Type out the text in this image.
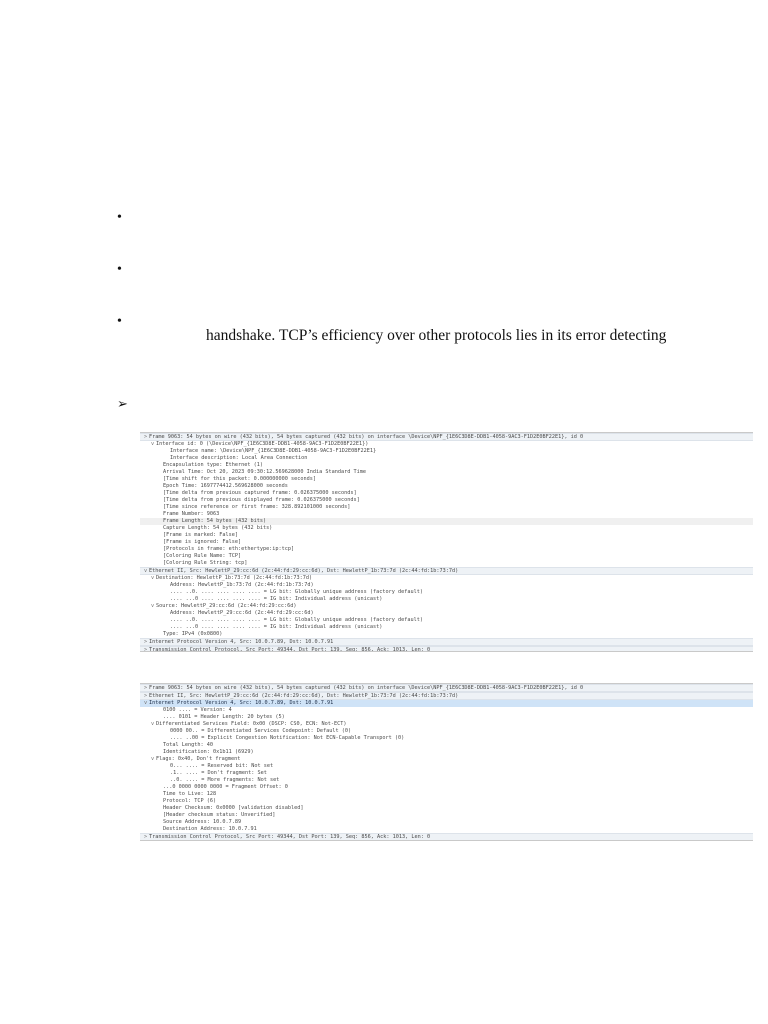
•
•
•
handshake. TCP’s efficiency over other protocols lies in its error detecting
➢
> Frame 9063: 54 bytes on wire (432 bits), 54 bytes captured (432 bits) on interface \Device\NPF_{1E6C3D8E-DDB1-4058-9AC3-F1D2E0BF22E1}, id 0
v Interface id: 0 (\Device\NPF_{1E6C3D8E-DDB1-4058-9AC3-F1D2E0BF22E1})
Interface name: \Device\NPF_{1E6C3D8E-DDB1-4058-9AC3-F1D2E0BF22E1}
Interface description: Local Area Connection
Encapsulation type: Ethernet (1)
Arrival Time: Oct 20, 2023 09:30:12.569628000 India Standard Time
[Time shift for this packet: 0.000000000 seconds]
Epoch Time: 1697774412.569628000 seconds
[Time delta from previous captured frame: 0.026375000 seconds]
[Time delta from previous displayed frame: 0.026375000 seconds]
[Time since reference or first frame: 328.892101000 seconds]
Frame Number: 9063
Frame Length: 54 bytes (432 bits)
Capture Length: 54 bytes (432 bits)
[Frame is marked: False]
[Frame is ignored: False]
[Protocols in frame: eth:ethertype:ip:tcp]
[Coloring Rule Name: TCP]
[Coloring Rule String: tcp]
v Ethernet II, Src: HewlettP_29:cc:6d (2c:44:fd:29:cc:6d), Dst: HewlettP_1b:73:7d (2c:44:fd:1b:73:7d)
v Destination: HewlettP_1b:73:7d (2c:44:fd:1b:73:7d)
Address: HewlettP_1b:73:7d (2c:44:fd:1b:73:7d)
.... ..0. .... .... .... .... = LG bit: Globally unique address (factory default)
.... ...0 .... .... .... .... = IG bit: Individual address (unicast)
v Source: HewlettP_29:cc:6d (2c:44:fd:29:cc:6d)
Address: HewlettP_29:cc:6d (2c:44:fd:29:cc:6d)
.... ..0. .... .... .... .... = LG bit: Globally unique address (factory default)
.... ...0 .... .... .... .... = IG bit: Individual address (unicast)
Type: IPv4 (0x0800)
> Internet Protocol Version 4, Src: 10.0.7.89, Dst: 10.0.7.91
> Transmission Control Protocol, Src Port: 49344, Dst Port: 139, Seq: 856, Ack: 1013, Len: 0
> Frame 9063: 54 bytes on wire (432 bits), 54 bytes captured (432 bits) on interface \Device\NPF_{1E6C3D8E-DDB1-4058-9AC3-F1D2E0BF22E1}, id 0
> Ethernet II, Src: HewlettP_29:cc:6d (2c:44:fd:29:cc:6d), Dst: HewlettP_1b:73:7d (2c:44:fd:1b:73:7d)
v Internet Protocol Version 4, Src: 10.0.7.89, Dst: 10.0.7.91
0100 .... = Version: 4
.... 0101 = Header Length: 20 bytes (5)
v Differentiated Services Field: 0x00 (DSCP: CS0, ECN: Not-ECT)
0000 00.. = Differentiated Services Codepoint: Default (0)
.... ..00 = Explicit Congestion Notification: Not ECN-Capable Transport (0)
Total Length: 40
Identification: 0x1b11 (6929)
v Flags: 0x40, Don't fragment
0... .... = Reserved bit: Not set
.1.. .... = Don't fragment: Set
..0. .... = More fragments: Not set
...0 0000 0000 0000 = Fragment Offset: 0
Time to Live: 128
Protocol: TCP (6)
Header Checksum: 0x0000 [validation disabled]
[Header checksum status: Unverified]
Source Address: 10.0.7.89
Destination Address: 10.0.7.91
> Transmission Control Protocol, Src Port: 49344, Dst Port: 139, Seq: 856, Ack: 1013, Len: 0
